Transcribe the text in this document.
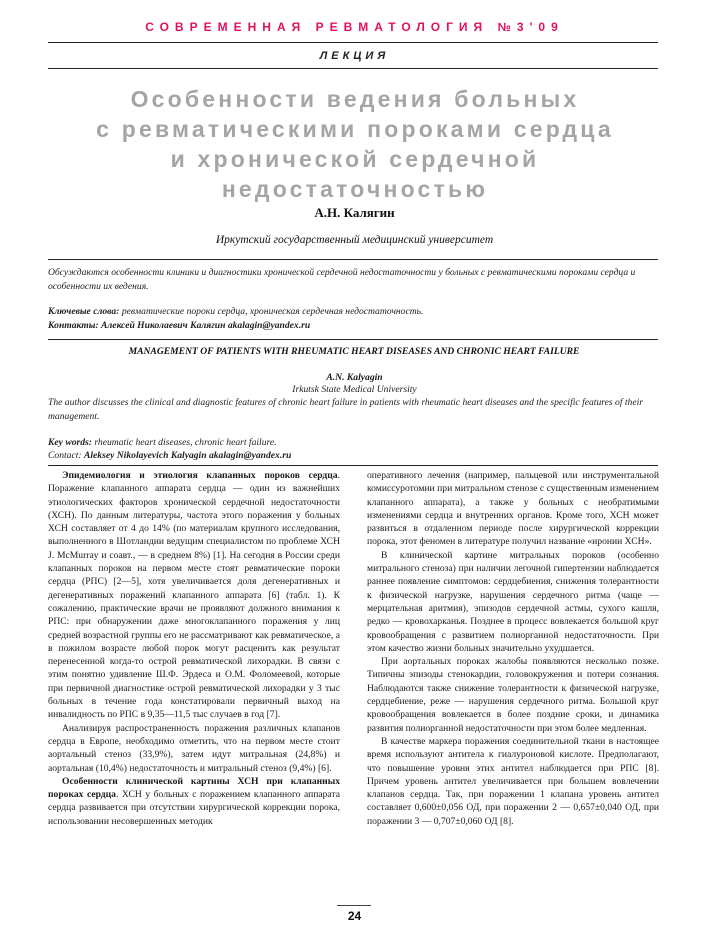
СОВРЕМЕННАЯ РЕВМАТОЛОГИЯ №3'09
ЛЕКЦИЯ
Особенности ведения больных
с ревматическими пороками сердца
и хронической сердечной
недостаточностью
А.Н. Калягин
Иркутский государственный медицинский университет
Обсуждаются особенности клиники и диагностики хронической сердечной недостаточности у больных с ревматическими пороками сердца и особенности их ведения.
Ключевые слова: ревматические пороки сердца, хроническая сердечная недостаточность.
Контакты: Алексей Николаевич Калягин akalagin@yandex.ru
MANAGEMENT OF PATIENTS WITH RHEUMATIC HEART DISEASES AND CHRONIC HEART FAILURE
A.N. Kalyagin
Irkutsk State Medical University
The author discusses the clinical and diagnostic features of chronic heart failure in patients with rheumatic heart diseases and the specific features of their management.
Key words: rheumatic heart diseases, chronic heart failure.
Contact: Aleksey Nikolayevich Kalyagin akalagin@yandex.ru

Эпидемиология и этиология клапанных пороков сердца. Поражение клапанного аппарата сердца — один из важнейших этиологических факторов хронической сердечной недостаточности (ХСН). По данным литературы, частота этого поражения у больных ХСН составляет от 4 до 14% (по материалам крупного исследования, выполненного в Шотландии ведущим специалистом по проблеме ХСН J. McMurray и соавт., — в среднем 8%) [1]. На сегодня в России среди клапанных пороков на первом месте стоят ревматические пороки сердца (РПС) [2—5], хотя увеличивается доля дегенеративных и дегенеративных поражений клапанного аппарата [6] (табл. 1). К сожалению, практические врачи не проявляют должного внимания к РПС: при обнаружении даже многоклапанного поражения у лиц средней возрастной группы его не рассматривают как ревматическое, а в пожилом возрасте любой порок могут расценить как результат перенесенной когда-то острой ревматической лихорадки. В связи с этим понятно удивление Ш.Ф. Эрдеса и О.М. Фоломеевой, которые при первичной диагностике острой ревматической лихорадки у 3 тыс больных в течение года констатировали первичный выход на инвалидность по РПС в 9,35—11,5 тыс случаев в год [7].

Анализируя распространенность поражения различных клапанов сердца в Европе, необходимо отметить, что на первом месте стоит аортальный стеноз (33,9%), затем идут митральная (24,8%) и аортальная (10,4%) недостаточность и митральный стеноз (9,4%) [6].

Особенности клинической картины ХСН при клапанных пороках сердца. ХСН у больных с поражением клапанного аппарата сердца развивается при отсутствии хирургической коррекции порока, использовании несовершенных методик

оперативного лечения (например, пальцевой или инструментальной комиссуротомии при митральном стенозе с существенным изменением клапанного аппарата), а также у больных с необратимыми изменениями сердца и внутренних органов. Кроме того, ХСН может развиться в отдаленном периоде после хирургической коррекции порока, этот феномен в литературе получил название «иронии ХСН».

В клинической картине митральных пороков (особенно митрального стеноза) при наличии легочной гипертензии наблюдается раннее появление симптомов: сердцебиения, снижения толерантности к физической нагрузке, нарушения сердечного ритма (чаще — мерцательная аритмия), эпизодов сердечной астмы, сухого кашля, редко — кровохарканья. Позднее в процесс вовлекается большой круг кровообращения с развитием полиорганной недостаточности. При этом качество жизни больных значительно ухудшается.

При аортальных пороках жалобы появляются несколько позже. Типичны эпизоды стенокардии, головокружения и потери сознания. Наблюдаются также снижение толерантности к физической нагрузке, сердцебиение, реже — нарушения сердечного ритма. Большой круг кровообращения вовлекается в более поздние сроки, и динамика развития полиорганной недостаточности при этом более медленная.

В качестве маркера поражения соединительной ткани в настоящее время используют антитела к гиалуроновой кислоте. Предполагают, что повышение уровня этих антител наблюдается при РПС [8]. Причем уровень антител увеличивается при большем вовлечении клапанов сердца. Так, при поражении 1 клапана уровень антител составляет 0,600±0,056 ОД, при поражении 2 — 0,657±0,040 ОД, при поражении 3 — 0,707±0,060 ОД [8].

24
